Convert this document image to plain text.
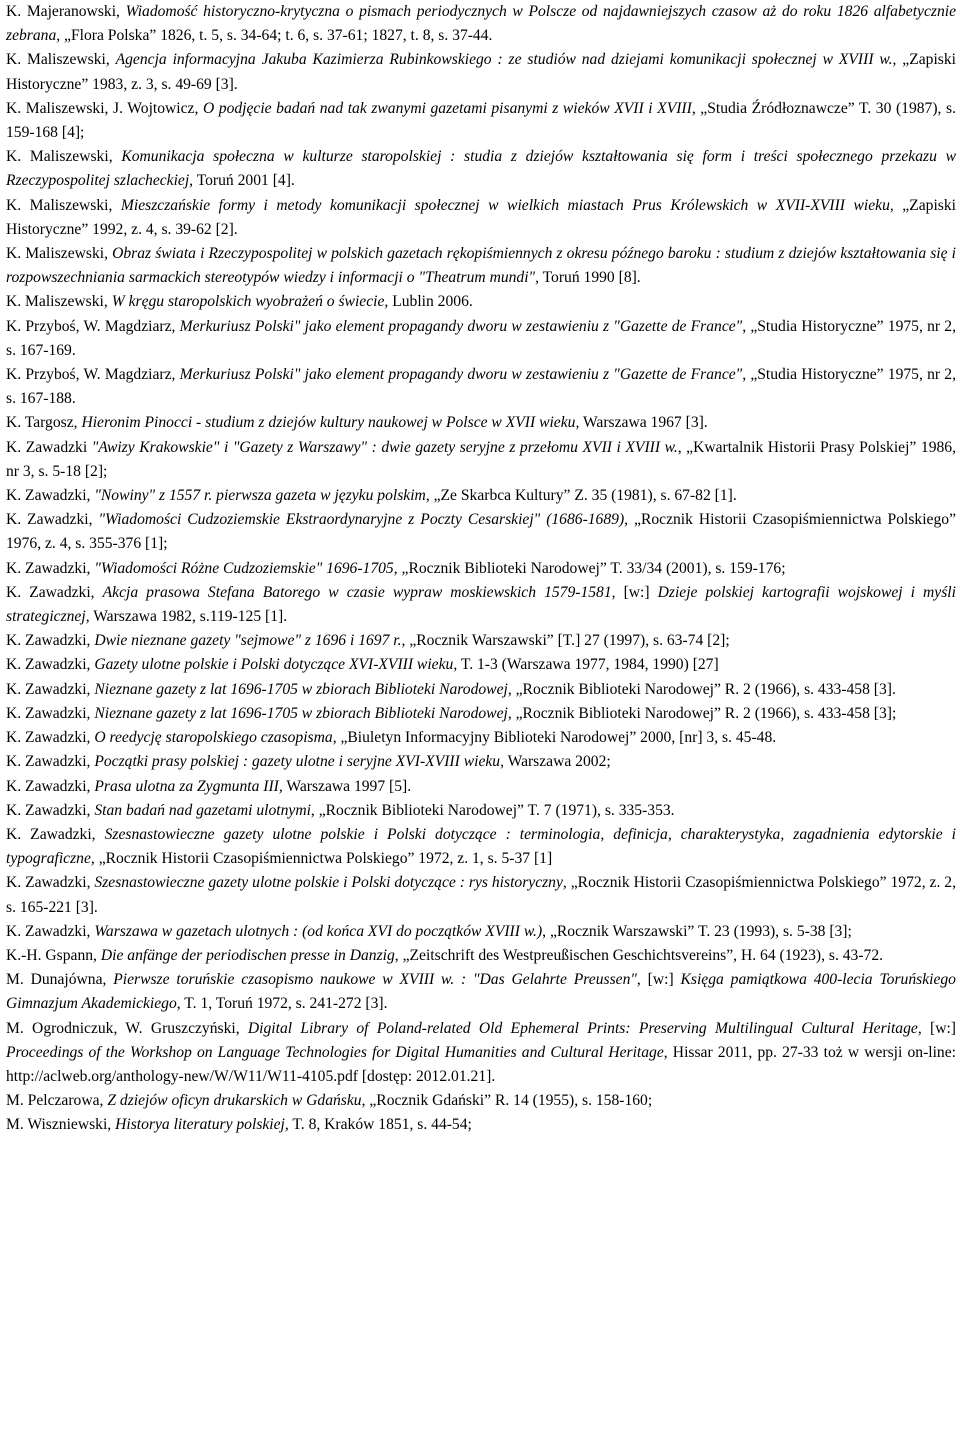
K. Majeranowski, Wiadomość historyczno-krytyczna o pismach periodycznych w Polscze od najdawniejszych czasow aż do roku 1826 alfabetycznie zebrana, „Flora Polska” 1826, t. 5, s. 34-64; t. 6, s. 37-61; 1827, t. 8, s. 37-44.

K. Maliszewski, Agencja informacyjna Jakuba Kazimierza Rubinkowskiego : ze studiów nad dziejami komunikacji społecznej w XVIII w., „Zapiski Historyczne” 1983, z. 3, s. 49-69 [3].

K. Maliszewski, J. Wojtowicz, O podjęcie badań nad tak zwanymi gazetami pisanymi z wieków XVII i XVIII, „Studia Źródłoznawcze” T. 30 (1987), s. 159-168 [4];

K. Maliszewski, Komunikacja społeczna w kulturze staropolskiej : studia z dziejów kształtowania się form i treści społecznego przekazu w Rzeczypospolitej szlacheckiej, Toruń 2001 [4].

K. Maliszewski, Mieszczańskie formy i metody komunikacji społecznej w wielkich miastach Prus Królewskich w XVII-XVIII wieku, „Zapiski Historyczne” 1992, z. 4, s. 39-62 [2].

K. Maliszewski, Obraz świata i Rzeczypospolitej w polskich gazetach rękopiśmiennych z okresu późnego baroku : studium z dziejów kształtowania się i rozpowszechniania sarmackich stereotypów wiedzy i informacji o "Theatrum mundi", Toruń 1990 [8].

K. Maliszewski, W kręgu staropolskich wyobrażeń o świecie, Lublin 2006.

K. Przyboś, W. Magdziarz, Merkuriusz Polski" jako element propagandy dworu w zestawieniu z "Gazette de France", „Studia Historyczne” 1975, nr 2, s. 167-169.

K. Przyboś, W. Magdziarz, Merkuriusz Polski" jako element propagandy dworu w zestawieniu z "Gazette de France", „Studia Historyczne” 1975, nr 2, s. 167-188.

K. Targosz, Hieronim Pinocci - studium z dziejów kultury naukowej w Polsce w XVII wieku, Warszawa 1967 [3].

K. Zawadzki "Awizy Krakowskie" i "Gazety z Warszawy" : dwie gazety seryjne z przełomu XVII i XVIII w., „Kwartalnik Historii Prasy Polskiej” 1986, nr 3, s. 5-18 [2];

K. Zawadzki, "Nowiny" z 1557 r. pierwsza gazeta w języku polskim, „Ze Skarbca Kultury” Z. 35 (1981), s. 67-82 [1].

K. Zawadzki, "Wiadomości Cudzoziemskie Ekstraordynaryjne z Poczty Cesarskiej" (1686-1689), „Rocznik Historii Czasopiśmiennictwa Polskiego” 1976, z. 4, s. 355-376 [1];

K. Zawadzki, "Wiadomości Różne Cudzoziemskie" 1696-1705, „Rocznik Biblioteki Narodowej” T. 33/34 (2001), s. 159-176;

K. Zawadzki, Akcja prasowa Stefana Batorego w czasie wypraw moskiewskich 1579-1581, [w:] Dzieje polskiej kartografii wojskowej i myśli strategicznej, Warszawa 1982, s.119-125 [1].

K. Zawadzki, Dwie nieznane gazety "sejmowe" z 1696 i 1697 r., „Rocznik Warszawski” [T.] 27 (1997), s. 63-74 [2];

K. Zawadzki, Gazety ulotne polskie i Polski dotyczące XVI-XVIII wieku, T. 1-3 (Warszawa 1977, 1984, 1990) [27]

K. Zawadzki, Nieznane gazety z lat 1696-1705 w zbiorach Biblioteki Narodowej, „Rocznik Biblioteki Narodowej” R. 2 (1966), s. 433-458 [3].

K. Zawadzki, Nieznane gazety z lat 1696-1705 w zbiorach Biblioteki Narodowej, „Rocznik Biblioteki Narodowej” R. 2 (1966), s. 433-458 [3];

K. Zawadzki, O reedycję staropolskiego czasopisma, „Biuletyn Informacyjny Biblioteki Narodowej” 2000, [nr] 3, s. 45-48.

K. Zawadzki, Początki prasy polskiej : gazety ulotne i seryjne XVI-XVIII wieku, Warszawa 2002;

K. Zawadzki, Prasa ulotna za Zygmunta III, Warszawa 1997 [5].

K. Zawadzki, Stan badań nad gazetami ulotnymi, „Rocznik Biblioteki Narodowej” T. 7 (1971), s. 335-353.

K. Zawadzki, Szesnastowieczne gazety ulotne polskie i Polski dotyczące : terminologia, definicja, charakterystyka, zagadnienia edytorskie i typograficzne, „Rocznik Historii Czasopiśmiennictwa Polskiego” 1972, z. 1, s. 5-37 [1]

K. Zawadzki, Szesnastowieczne gazety ulotne polskie i Polski dotyczące : rys historyczny, „Rocznik Historii Czasopiśmiennictwa Polskiego” 1972, z. 2, s. 165-221 [3].

K. Zawadzki, Warszawa w gazetach ulotnych : (od końca XVI do początków XVIII w.), „Rocznik Warszawski” T. 23 (1993), s. 5-38 [3];

K.-H. Gspann, Die anfänge der periodischen presse in Danzig, „Zeitschrift des Westpreußischen Geschichtsvereins”, H. 64 (1923), s. 43-72.

M. Dunajówna, Pierwsze toruńskie czasopismo naukowe w XVIII w. : "Das Gelahrte Preussen", [w:] Księga pamiątkowa 400-lecia Toruńskiego Gimnazjum Akademickiego, T. 1, Toruń 1972, s. 241-272 [3].

M. Ogrodniczuk, W. Gruszczyński, Digital Library of Poland-related Old Ephemeral Prints: Preserving Multilingual Cultural Heritage, [w:] Proceedings of the Workshop on Language Technologies for Digital Humanities and Cultural Heritage, Hissar 2011, pp. 27-33 toż w wersji on-line: http://aclweb.org/anthology-new/W/W11/W11-4105.pdf [dostęp: 2012.01.21].

M. Pelczarowa, Z dziejów oficyn drukarskich w Gdańsku, „Rocznik Gdański” R. 14 (1955), s. 158-160;

M. Wiszniewski, Historya literatury polskiej, T. 8, Kraków 1851, s. 44-54;
